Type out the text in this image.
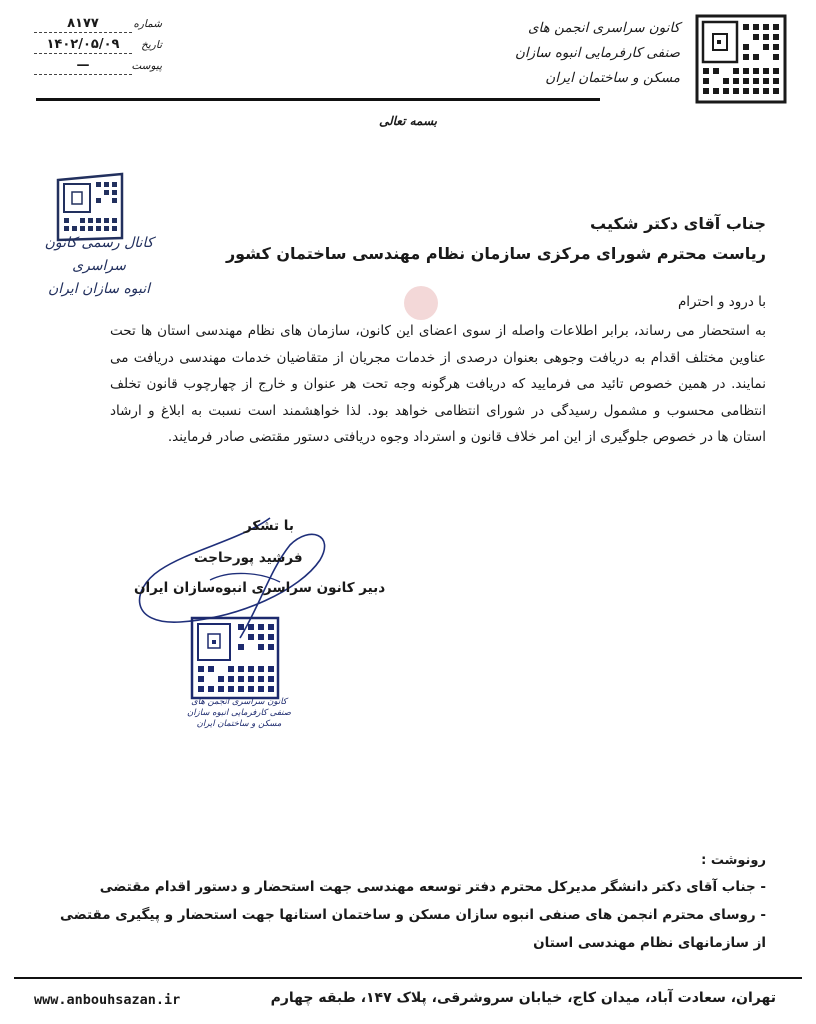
کانون سراسری انجمن های
صنفی کارفرمایی انبوه سازان
مسکن و ساختمان ایران
شماره
۸۱۷۷
تاریخ
۱۴۰۲/۰۵/۰۹
پیوست
—
بسمه تعالی
کانال رسمی کانون سراسری
انبوه سازان ایران
جناب آقای دکتر شکیب
ریاست محترم شورای مرکزی سازمان نظام مهندسی ساختمان کشور
با درود و احترام
به استحضار می رساند، برابر اطلاعات واصله از سوی اعضای این کانون، سازمان های نظام مهندسی استان ها تحت عناوین مختلف اقدام به دریافت وجوهی بعنوان درصدی از خدمات مجریان از متقاضیان خدمات مهندسی دریافت می نمایند. در همین خصوص تائید می فرمایید که دریافت هرگونه وجه تحت هر عنوان و خارج از چهارچوب قانون تخلف انتظامی محسوب و مشمول رسیدگی در شورای انتظامی خواهد بود. لذا خواهشمند است نسبت به ابلاغ و ارشاد استان ها در خصوص جلوگیری از این امر خلاف قانون و استرداد وجوه دریافتی دستور مقتضی صادر فرمایند.
با تشکر
فرشید پورحاجت
دبیر کانون سراسری انبوه‌سازان ایران
کانون سراسری انجمن های
صنفی کارفرمایی انبوه سازان
مسکن و ساختمان ایران
رونوشت :
- جناب آقای دکتر دانشگر مدیرکل محترم دفتر توسعه مهندسی جهت استحضار و دستور اقدام مقتضی
- روسای محترم انجمن های صنفی انبوه سازان مسکن و ساختمان استانها جهت استحضار و پیگیری مقتضی
از سازمانهای نظام مهندسی استان
www.anbouhsazan.ir	تهران، سعادت آباد، میدان کاج، خیابان سروشرقی، پلاک ۱۴۷، طبقه چهارم
